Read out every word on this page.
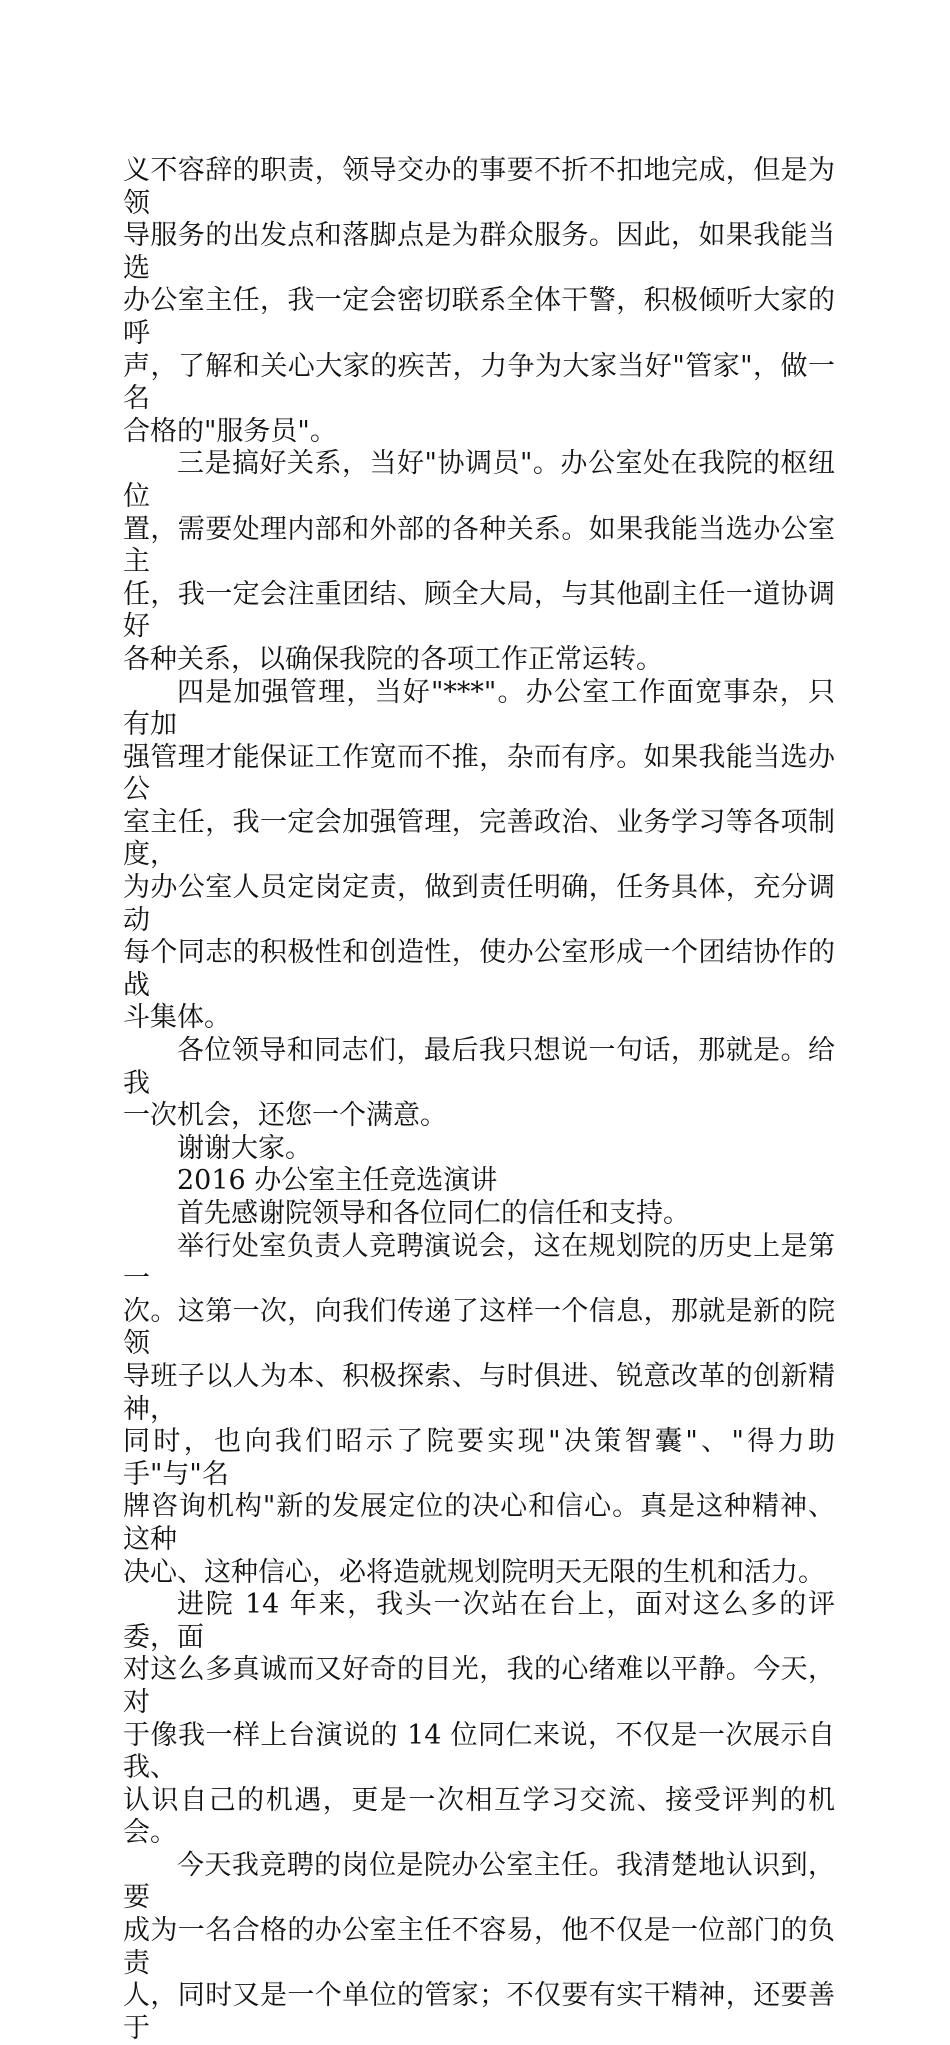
义不容辞的职责，领导交办的事要不折不扣地完成，但是为领
导服务的出发点和落脚点是为群众服务。因此，如果我能当选
办公室主任，我一定会密切联系全体干警，积极倾听大家的呼
声，了解和关心大家的疾苦，力争为大家当好"管家"，做一名
合格的"服务员"。

三是搞好关系，当好"协调员"。办公室处在我院的枢纽位
置，需要处理内部和外部的各种关系。如果我能当选办公室主
任，我一定会注重团结、顾全大局，与其他副主任一道协调好
各种关系，以确保我院的各项工作正常运转。

四是加强管理，当好"***"。办公室工作面宽事杂，只有加
强管理才能保证工作宽而不推，杂而有序。如果我能当选办公
室主任，我一定会加强管理，完善政治、业务学习等各项制度，
为办公室人员定岗定责，做到责任明确，任务具体，充分调动
每个同志的积极性和创造性，使办公室形成一个团结协作的战
斗集体。

各位领导和同志们，最后我只想说一句话，那就是。给我
一次机会，还您一个满意。

谢谢大家。

2016 办公室主任竞选演讲

首先感谢院领导和各位同仁的信任和支持。

举行处室负责人竞聘演说会，这在规划院的历史上是第一
次。这第一次，向我们传递了这样一个信息，那就是新的院领
导班子以人为本、积极探索、与时俱进、锐意改革的创新精神，
同时，也向我们昭示了院要实现"决策智囊"、"得力助手"与"名
牌咨询机构"新的发展定位的决心和信心。真是这种精神、这种
决心、这种信心，必将造就规划院明天无限的生机和活力。

进院 14 年来，我头一次站在台上，面对这么多的评委，面
对这么多真诚而又好奇的目光，我的心绪难以平静。今天，对
于像我一样上台演说的 14 位同仁来说，不仅是一次展示自我、
认识自己的机遇，更是一次相互学习交流、接受评判的机会。

今天我竞聘的岗位是院办公室主任。我清楚地认识到，要
成为一名合格的办公室主任不容易，他不仅是一位部门的负责
人，同时又是一个单位的管家；不仅要有实干精神，还要善于
